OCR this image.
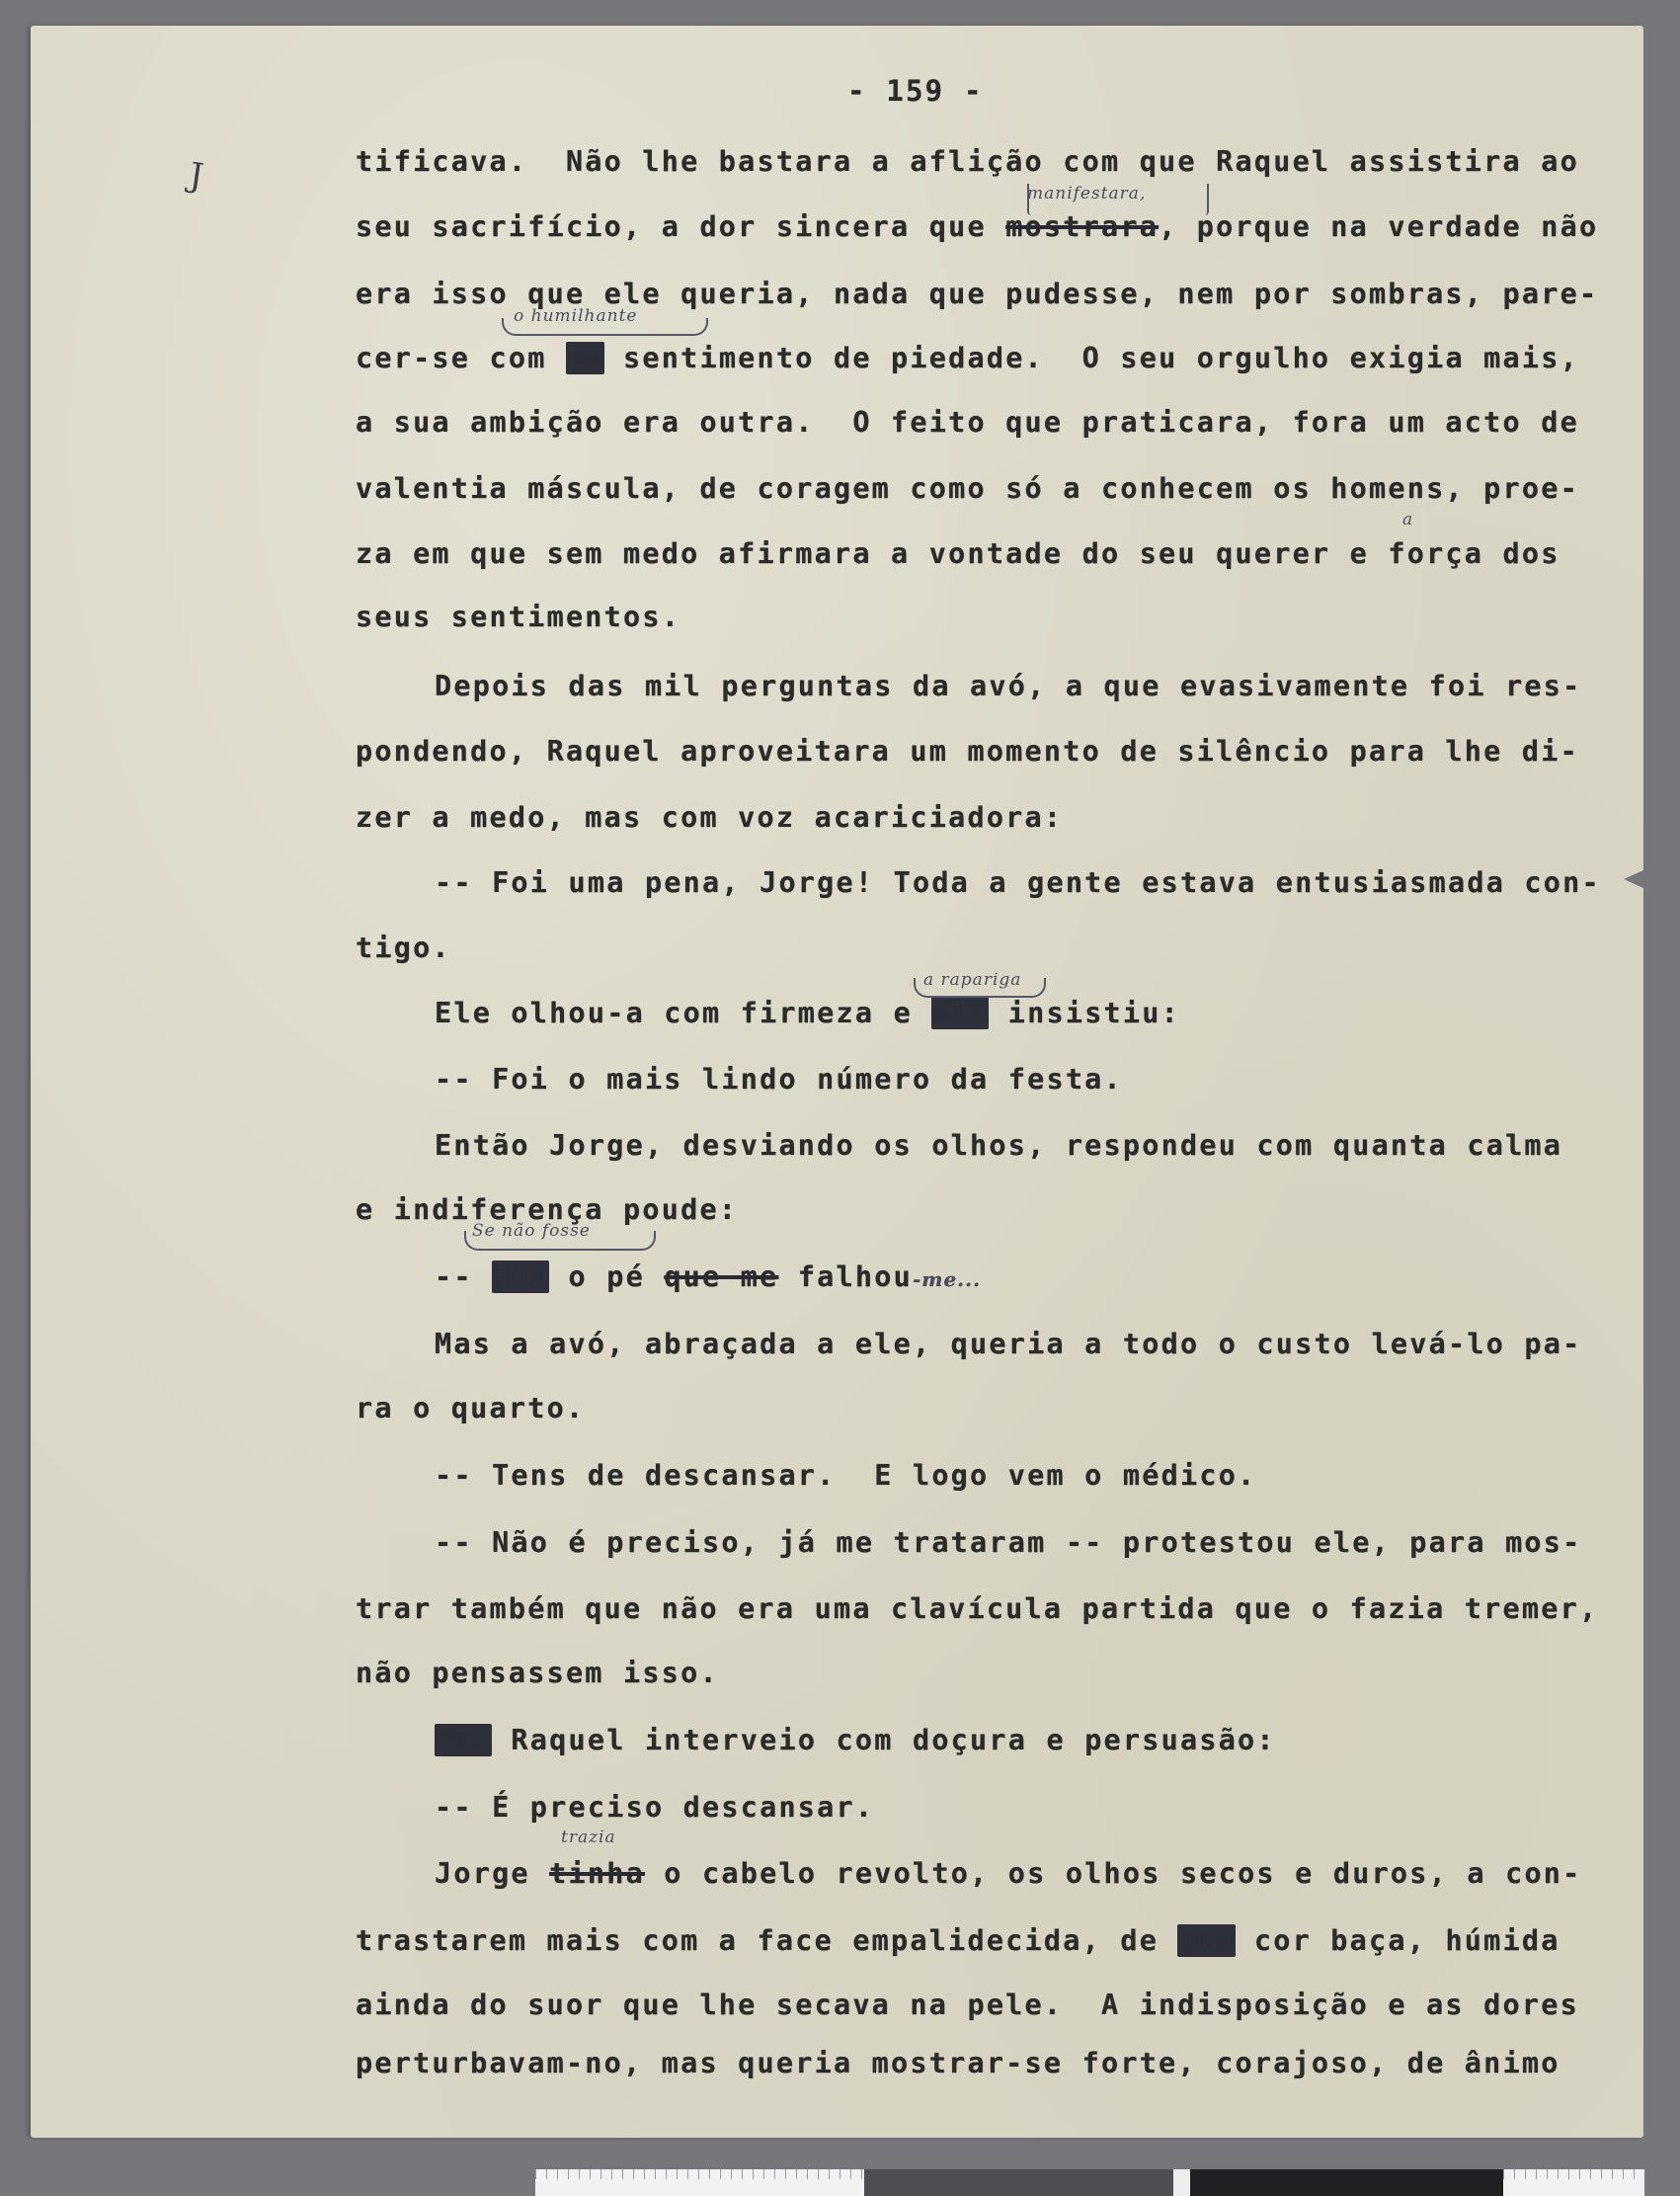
J
- 159 -
tificava.  Não lhe bastara a aflição com que Raquel assistira ao
seu sacrifício, a dor sincera que mostrara, porque na verdade não
manifestara,
era isso que ele queria, nada que pudesse, nem por sombras, pare-
cer-se com um sentimento de piedade.  O seu orgulho exigia mais,
o humilhante
a sua ambição era outra.  O feito que praticara, fora um acto de
valentia máscula, de coragem como só a conhecem os homens, proe-
za em que sem medo afirmara a vontade do seu querer e força dos
a
seus sentimentos.
Depois das mil perguntas da avó, a que evasivamente foi res-
pondendo, Raquel aproveitara um momento de silêncio para lhe di-
zer a medo, mas com voz acariciadora:
-- Foi uma pena, Jorge! Toda a gente estava entusiasmada con-
tigo.
Ele olhou-a com firmeza e ela insistiu:
a rapariga
-- Foi o mais lindo número da festa.
Então Jorge, desviando os olhos, respondeu com quanta calma
e indiferença poude:
-- Foi o pé que me falhou-me...
Se não fosse
Mas a avó, abraçada a ele, queria a todo o custo levá-lo pa-
ra o quarto.
-- Tens de descansar.  E logo vem o médico.
-- Não é preciso, já me trataram -- protestou ele, para mos-
trar também que não era uma clavícula partida que o fazia tremer,
não pensassem isso.
Mas Raquel interveio com doçura e persuasão:
-- É preciso descansar.
Jorge tinha o cabelo revolto, os olhos secos e duros, a con-
trazia
trastarem mais com a face empalidecida, de uma cor baça, húmida
ainda do suor que lhe secava na pele.  A indisposição e as dores
perturbavam-no, mas queria mostrar-se forte, corajoso, de ânimo
